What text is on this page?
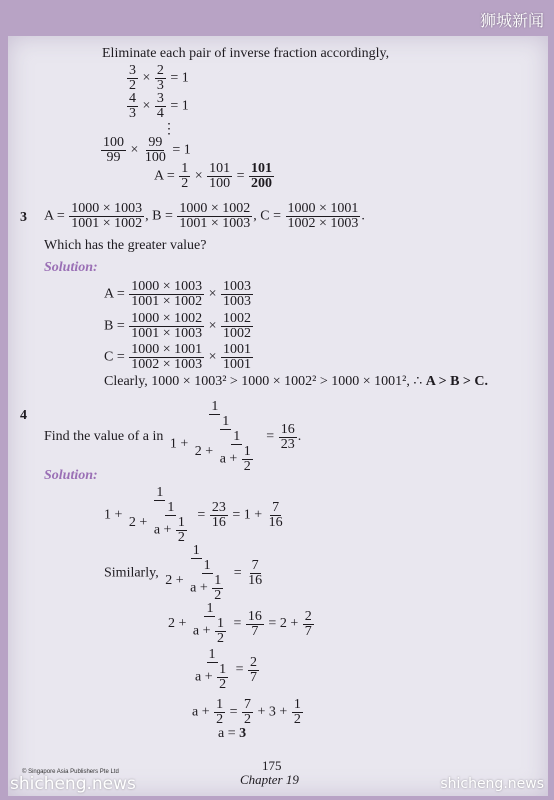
狮城新闻
Eliminate each pair of inverse fraction accordingly,
$\frac{3}{2} \times \frac{2}{3} = 1$
$\frac{4}{3} \times \frac{3}{4} = 1$
⋮
$\frac{100}{99} \times \frac{99}{100} = 1$
$A = \frac{1}{2} \times \frac{101}{100} = \frac{101}{200}$
3 $A = \frac{1000 \times 1003}{1001 \times 1002}$ , $B = \frac{1000 \times 1002}{1001 \times 1003}$ , $C = \frac{1000 \times 1001}{1002 \times 1003}$ .
Which has the greater value?
Solution:
$A = \frac{1000 \times 1003}{1001 \times 1002} \times \frac{1003}{1003}$
$B = \frac{1000 \times 1002}{1001 \times 1003} \times \frac{1002}{1002}$
$C = \frac{1000 \times 1001}{1002 \times 1003} \times \frac{1001}{1001}$
Clearly, 1000 × 1003² > 1000 × 1002² > 1000 × 1001², ∴ A > B > C.
4
Find the value of a in
1
1 +
1
$2 + \frac{1}{a + \frac{1}{2}} = \frac{16}{23}$ .
Solution:
$1 + \frac{1}{2 + \frac{1}{a + \frac{1}{2}}} = \frac{23}{16} = 1 + \frac{7}{16}$
Similarly, $\frac{1}{2 + \frac{1}{a + \frac{1}{2}}} = \frac{7}{16}$
$2 + \frac{1}{a + \frac{1}{2}} = \frac{16}{7} = 2 + \frac{2}{7}$
$\frac{1}{a + \frac{1}{2}} = \frac{2}{7}$
$a + \frac{1}{2} = \frac{7}{2} + 3 + \frac{1}{2}$
a = 3
© Singapore Asia Publishers Pte Ltd	175
Chapter 19
shicheng.news	shicheng.news
